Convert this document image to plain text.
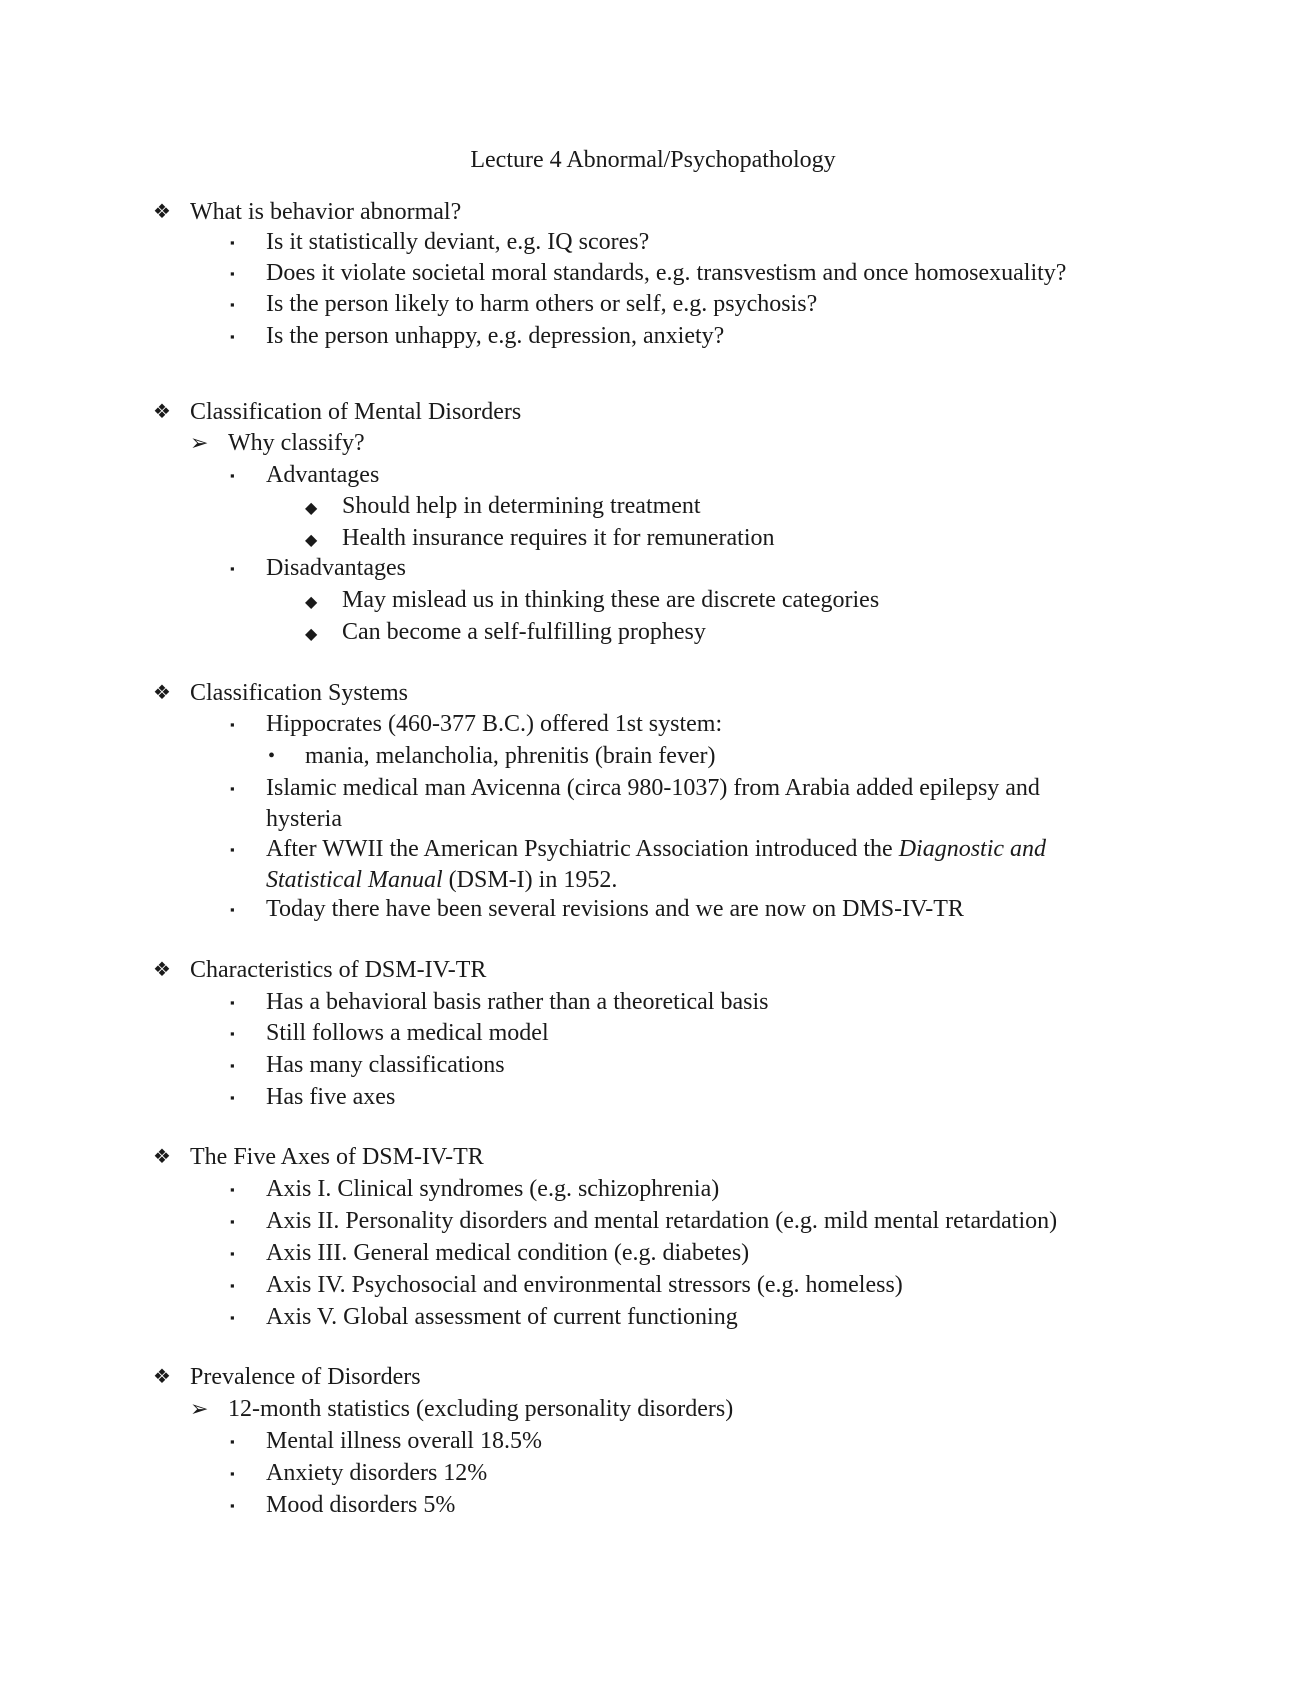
Lecture 4 Abnormal/Psychopathology
❖ What is behavior abnormal?
▪ Is it statistically deviant, e.g. IQ scores?
▪ Does it violate societal moral standards, e.g. transvestism and once homosexuality?
▪ Is the person likely to harm others or self, e.g. psychosis?
▪ Is the person unhappy, e.g. depression, anxiety?
❖ Classification of Mental Disorders
➢ Why classify?
▪ Advantages
◆ Should help in determining treatment
◆ Health insurance requires it for remuneration
▪ Disadvantages
◆ May mislead us in thinking these are discrete categories
◆ Can become a self-fulfilling prophesy
❖ Classification Systems
▪ Hippocrates (460-377 B.C.) offered 1st system:
• mania, melancholia, phrenitis (brain fever)
▪ Islamic medical man Avicenna (circa 980-1037) from Arabia added epilepsy and
hysteria
▪ After WWII the American Psychiatric Association introduced the Diagnostic and
Statistical Manual (DSM-I) in 1952.
▪ Today there have been several revisions and we are now on DMS-IV-TR
❖ Characteristics of DSM-IV-TR
▪ Has a behavioral basis rather than a theoretical basis
▪ Still follows a medical model
▪ Has many classifications
▪ Has five axes
❖ The Five Axes of DSM-IV-TR
▪ Axis I. Clinical syndromes (e.g. schizophrenia)
▪ Axis II. Personality disorders and mental retardation (e.g. mild mental retardation)
▪ Axis III. General medical condition (e.g. diabetes)
▪ Axis IV. Psychosocial and environmental stressors (e.g. homeless)
▪ Axis V. Global assessment of current functioning
❖ Prevalence of Disorders
➢ 12-month statistics (excluding personality disorders)
▪ Mental illness overall 18.5%
▪ Anxiety disorders 12%
▪ Mood disorders 5%
